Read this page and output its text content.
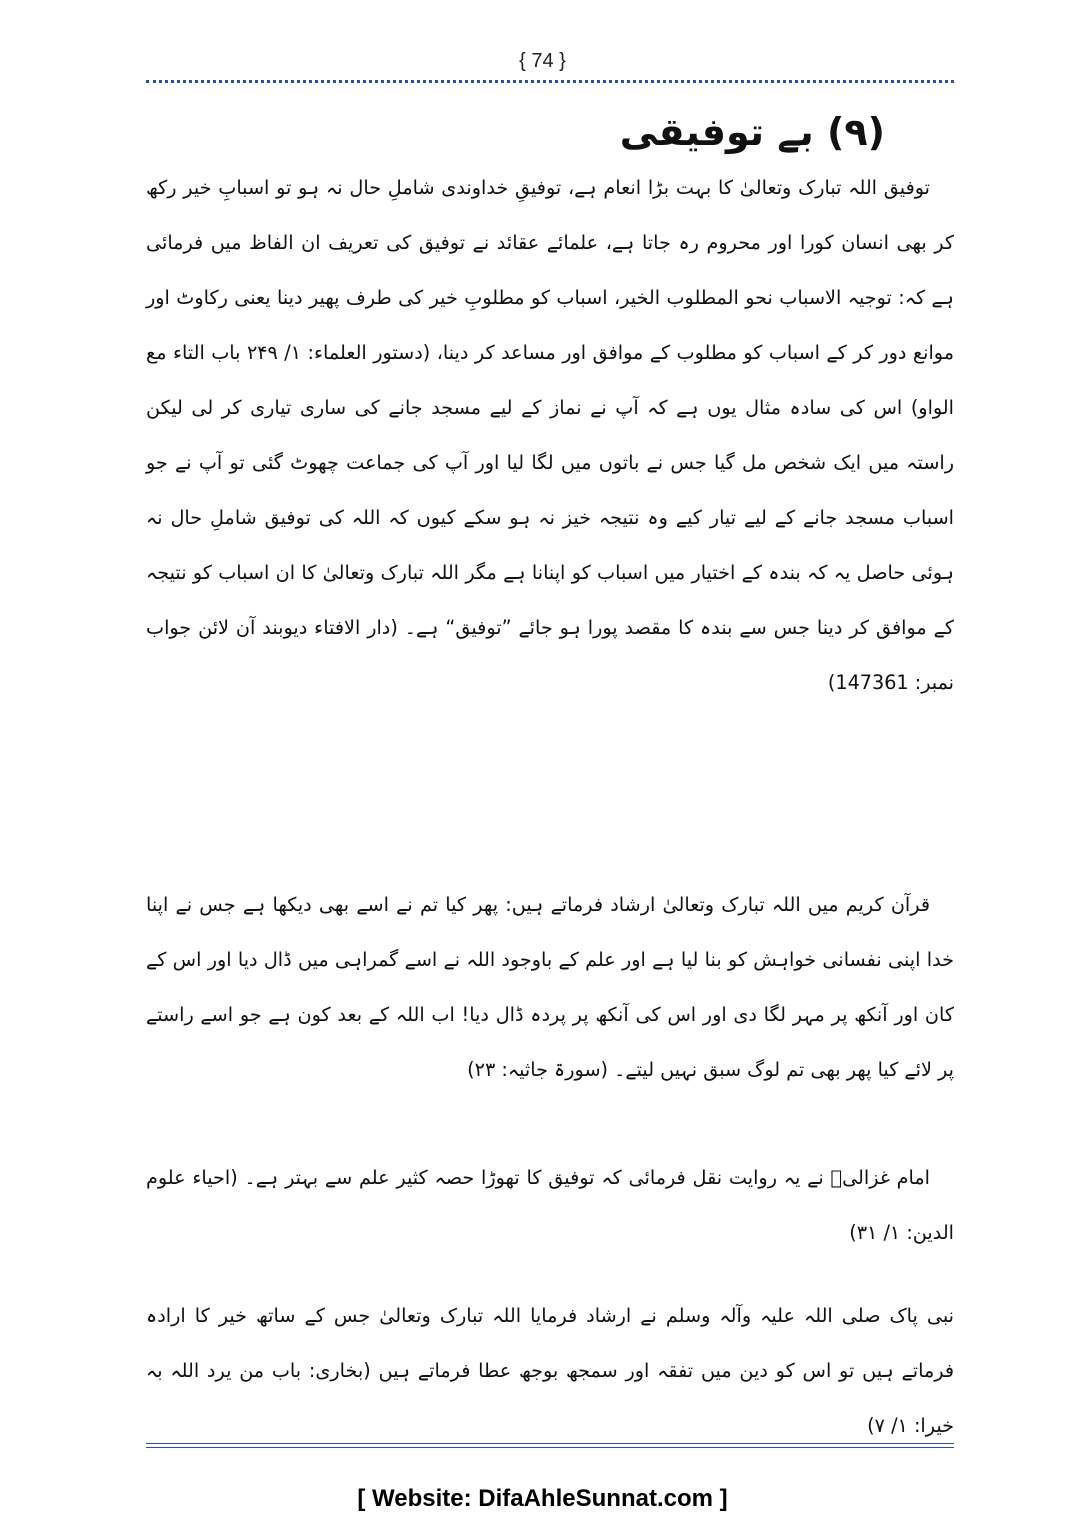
{ 74 }
(۹) بے توفیقی

توفیق اللہ تبارک وتعالیٰ کا بہت بڑا انعام ہے، توفیقِ خداوندی شاملِ حال نہ ہو تو اسبابِ خیر رکھ کر بھی انسان کورا اور محروم رہ جاتا ہے، علمائے عقائد نے توفیق کی تعریف ان الفاظ میں فرمائی ہے کہ: توجیہ الاسباب نحو المطلوب الخیر، اسباب کو مطلوبِ خیر کی طرف پھیر دینا یعنی رکاوٹ اور موانع دور کر کے اسباب کو مطلوب کے موافق اور مساعد کر دینا، (دستور العلماء: ۱/ ۲۴۹ باب التاء مع الواو) اس کی سادہ مثال یوں ہے کہ آپ نے نماز کے لیے مسجد جانے کی ساری تیاری کر لی لیکن راستہ میں ایک شخص مل گیا جس نے باتوں میں لگا لیا اور آپ کی جماعت چھوٹ گئی تو آپ نے جو اسباب مسجد جانے کے لیے تیار کیے وہ نتیجہ خیز نہ ہو سکے کیوں کہ اللہ کی توفیق شاملِ حال نہ ہوئی حاصل یہ کہ بندہ کے اختیار میں اسباب کو اپنانا ہے مگر اللہ تبارک وتعالیٰ کا ان اسباب کو نتیجہ کے موافق کر دینا جس سے بندہ کا مقصد پورا ہو جائے ”توفیق“ ہے۔ (دار الافتاء دیوبند آن لائن جواب نمبر: 147361)

قرآن کریم میں اللہ تبارک وتعالیٰ ارشاد فرماتے ہیں: پھر کیا تم نے اسے بھی دیکھا ہے جس نے اپنا خدا اپنی نفسانی خواہش کو بنا لیا ہے اور علم کے باوجود اللہ نے اسے گمراہی میں ڈال دیا اور اس کے کان اور آنکھ پر مہر لگا دی اور اس کی آنکھ پر پردہ ڈال دیا! اب اللہ کے بعد کون ہے جو اسے راستے پر لائے کیا پھر بھی تم لوگ سبق نہیں لیتے۔ (سورۃ جاثیہ: ۲۳)

امام غزالیؒ نے یہ روایت نقل فرمائی کہ توفیق کا تھوڑا حصہ کثیر علم سے بہتر ہے۔ (احیاء علوم الدین: ۱/ ۳۱)

نبی پاک صلی اللہ علیہ وآلہ وسلم نے ارشاد فرمایا اللہ تبارک وتعالیٰ جس کے ساتھ خیر کا ارادہ فرماتے ہیں تو اس کو دین میں تفقہ اور سمجھ بوجھ عطا فرماتے ہیں (بخاری: باب من یرد اللہ بہ خیرا: ۱/ ۷)

[ Website: DifaAhleSunnat.com ]
